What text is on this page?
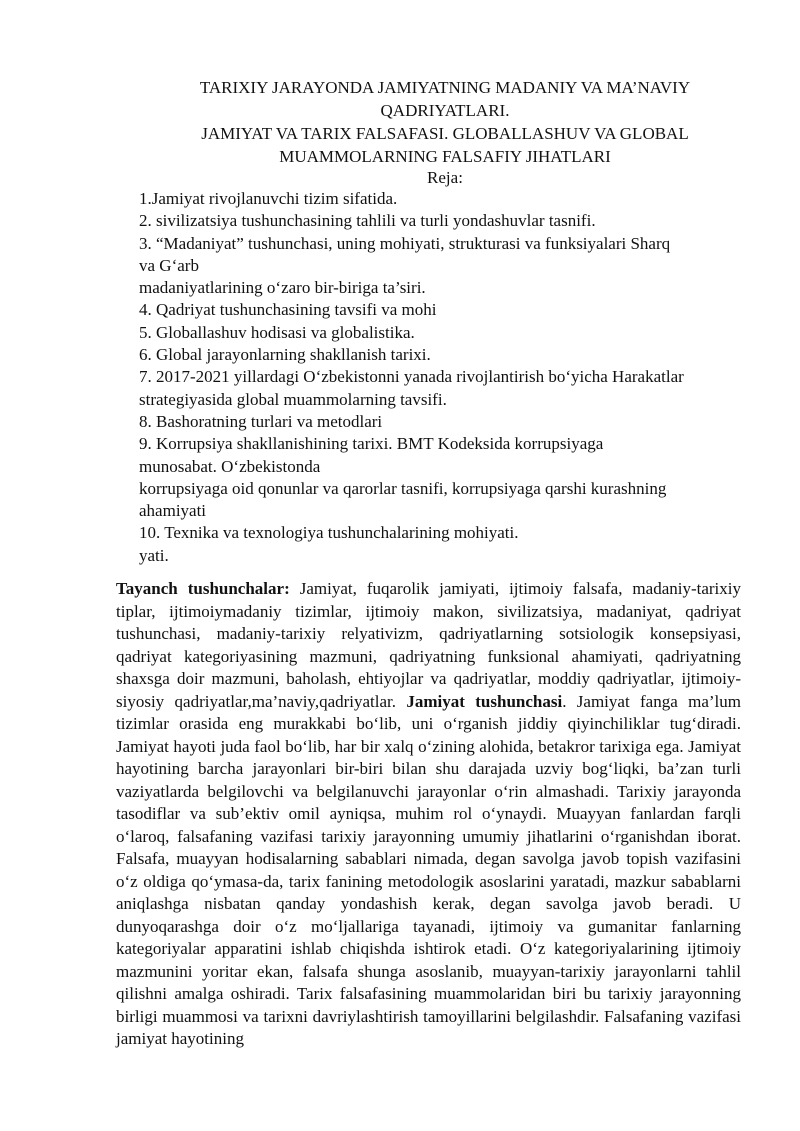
TARIXIY JARAYONDA JAMIYATNING MADANIY VA MA’NAVIY
QADRIYATLARI.
JAMIYAT VA TARIX FALSAFASI. GLOBALLASHUV VA GLOBAL
MUAMMOLARNING FALSAFIY JIHATLARI
Reja:
1.Jamiyat rivojlanuvchi tizim sifatida.
2. sivilizatsiya tushunchasining tahlili va turli yondashuvlar tasnifi.
3. “Madaniyat” tushunchasi, uning mohiyati, strukturasi va funksiyalari Sharq
va G‘arb
madaniyatlarining o‘zaro bir-biriga ta’siri.
4. Qadriyat tushunchasining tavsifi va mohi
5. Globallashuv hodisasi va globalistika.
6. Global jarayonlarning shakllanish tarixi.
7. 2017-2021 yillardagi O‘zbekistonni yanada rivojlantirish bo‘yicha Harakatlar
strategiyasida global muammolarning tavsifi.
8. Bashoratning turlari va metodlari
9. Korrupsiya shakllanishining tarixi. BMT Kodeksida korrupsiyaga
munosabat. O‘zbekistonda
korrupsiyaga oid qonunlar va qarorlar tasnifi, korrupsiyaga qarshi kurashning
ahamiyati
10. Texnika va texnologiya tushunchalarining mohiyati.
yati.

Tayanch tushunchalar: Jamiyat, fuqarolik jamiyati, ijtimoiy falsafa, madaniy-tarixiy tiplar, ijtimoiymadaniy tizimlar, ijtimoiy makon, sivilizatsiya, madaniyat, qadriyat tushunchasi, madaniy-tarixiy relyativizm, qadriyatlarning sotsiologik konsepsiyasi, qadriyat kategoriyasining mazmuni, qadriyatning funksional ahamiyati, qadriyatning shaxsga doir mazmuni, baholash, ehtiyojlar va qadriyatlar, moddiy qadriyatlar, ijtimoiy-siyosiy qadriyatlar,ma’naviy,qadriyatlar. Jamiyat tushunchasi. Jamiyat fanga ma’lum tizimlar orasida eng murakkabi bo‘lib, uni o‘rganish jiddiy qiyinchiliklar tug‘diradi. Jamiyat hayoti juda faol bo‘lib, har bir xalq o‘zining alohida, betakror tarixiga ega. Jamiyat hayotining barcha jarayonlari bir-biri bilan shu darajada uzviy bog‘liqki, ba’zan turli vaziyatlarda belgilovchi va belgilanuvchi jarayonlar o‘rin almashadi. Tarixiy jarayonda tasodiflar va sub’ektiv omil ayniqsa, muhim rol o‘ynaydi. Muayyan fanlardan farqli o‘laroq, falsafaning vazifasi tarixiy jarayonning umumiy jihatlarini o‘rganishdan iborat. Falsafa, muayyan hodisalarning sabablari nimada, degan savolga javob topish vazifasini o‘z oldiga qo‘ymasa-da, tarix fanining metodologik asoslarini yaratadi, mazkur sabablarni aniqlashga nisbatan qanday yondashish kerak, degan savolga javob beradi. U dunyoqarashga doir o‘z mo‘ljallariga tayanadi, ijtimoiy va gumanitar fanlarning kategoriyalar apparatini ishlab chiqishda ishtirok etadi. O‘z kategoriyalarining ijtimoiy mazmunini yoritar ekan, falsafa shunga asoslanib, muayyan-tarixiy jarayonlarni tahlil qilishni amalga oshiradi. Tarix falsafasining muammolaridan biri bu tarixiy jarayonning birligi muammosi va tarixni davriylashtirish tamoyillarini belgilashdir. Falsafaning vazifasi jamiyat hayotining
